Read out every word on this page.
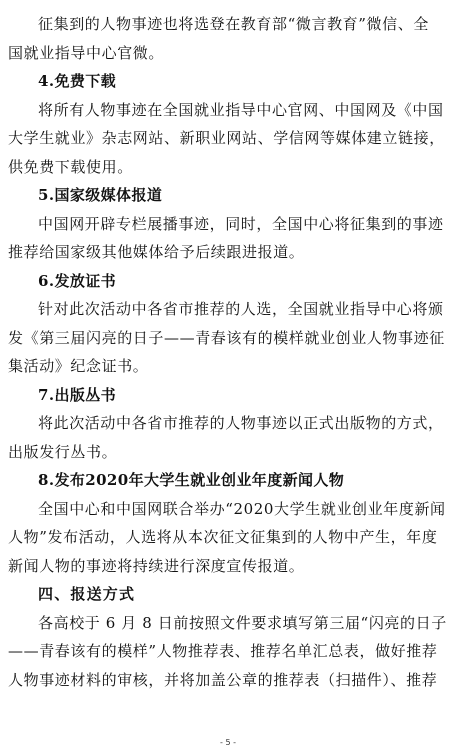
征集到的人物事迹也将选登在教育部“微言教育”微信、全
国就业指导中心官微。
4.免费下载
将所有人物事迹在全国就业指导中心官网、中国网及《中国
大学生就业》杂志网站、新职业网站、学信网等媒体建立链接，
供免费下载使用。
5.国家级媒体报道
中国网开辟专栏展播事迹，同时，全国中心将征集到的事迹
推荐给国家级其他媒体给予后续跟进报道。
6.发放证书
针对此次活动中各省市推荐的人选，全国就业指导中心将颁
发《第三届闪亮的日子——青春该有的模样就业创业人物事迹征
集活动》纪念证书。
7.出版丛书
将此次活动中各省市推荐的人物事迹以正式出版物的方式，
出版发行丛书。
8.发布2020年大学生就业创业年度新闻人物
全国中心和中国网联合举办“2020大学生就业创业年度新闻
人物”发布活动，人选将从本次征文征集到的人物中产生，年度
新闻人物的事迹将持续进行深度宣传报道。
四、报送方式
各高校于 6 月 8 日前按照文件要求填写第三届“闪亮的日子
——青春该有的模样”人物推荐表、推荐名单汇总表，做好推荐
人物事迹材料的审核，并将加盖公章的推荐表（扫描件）、推荐
- 5 -
